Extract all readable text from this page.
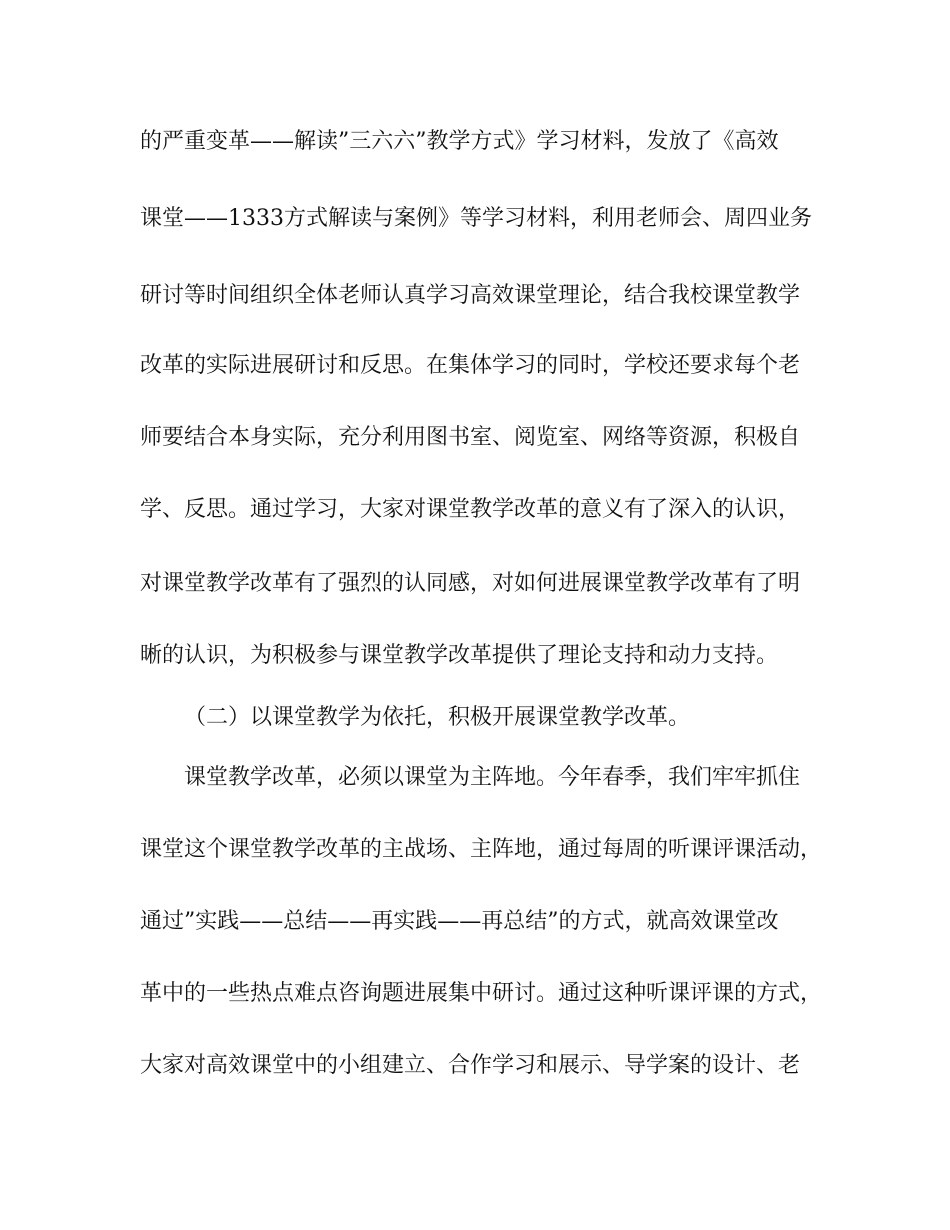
的严重变革——解读”三六六”教学方式》学习材料，发放了《高效
课堂——1333方式解读与案例》等学习材料，利用老师会、周四业务
研讨等时间组织全体老师认真学习高效课堂理论，结合我校课堂教学
改革的实际进展研讨和反思。在集体学习的同时，学校还要求每个老
师要结合本身实际，充分利用图书室、阅览室、网络等资源，积极自
学、反思。通过学习，大家对课堂教学改革的意义有了深入的认识，
对课堂教学改革有了强烈的认同感，对如何进展课堂教学改革有了明
晰的认识，为积极参与课堂教学改革提供了理论支持和动力支持。
（二）以课堂教学为依托，积极开展课堂教学改革。
课堂教学改革，必须以课堂为主阵地。今年春季，我们牢牢抓住
课堂这个课堂教学改革的主战场、主阵地，通过每周的听课评课活动，
通过”实践——总结——再实践——再总结”的方式，就高效课堂改
革中的一些热点难点咨询题进展集中研讨。通过这种听课评课的方式，
大家对高效课堂中的小组建立、合作学习和展示、导学案的设计、老
